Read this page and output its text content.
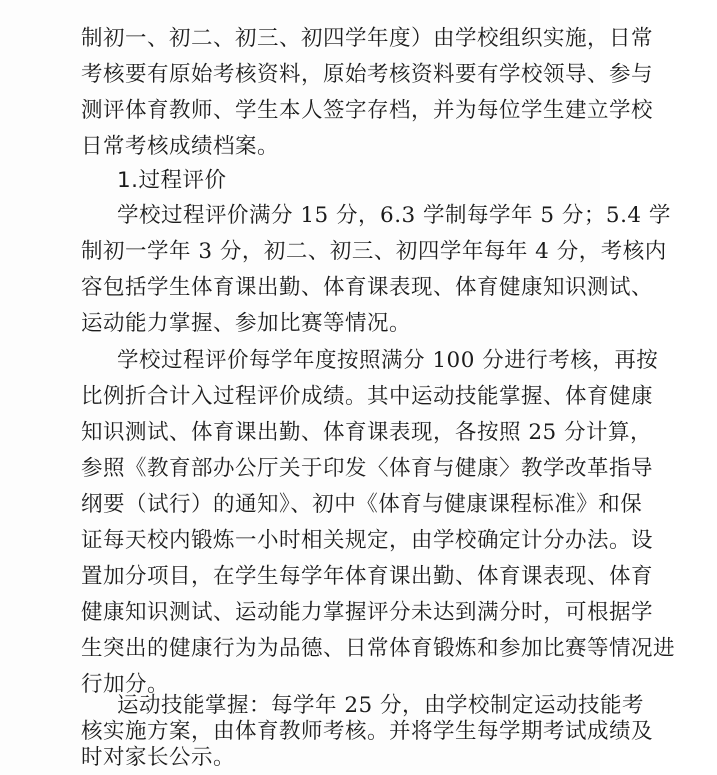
制初一、初二、初三、初四学年度）由学校组织实施，日常
考核要有原始考核资料，原始考核资料要有学校领导、参与
测评体育教师、学生本人签字存档，并为每位学生建立学校
日常考核成绩档案。
1.过程评价
学校过程评价满分 15 分，6.3 学制每学年 5 分；5.4 学
制初一学年 3 分，初二、初三、初四学年每年 4 分，考核内
容包括学生体育课出勤、体育课表现、体育健康知识测试、
运动能力掌握、参加比赛等情况。
学校过程评价每学年度按照满分 100 分进行考核，再按
比例折合计入过程评价成绩。其中运动技能掌握、体育健康
知识测试、体育课出勤、体育课表现，各按照 25 分计算，
参照《教育部办公厅关于印发〈体育与健康〉教学改革指导
纲要（试行）的通知》、初中《体育与健康课程标准》和保
证每天校内锻炼一小时相关规定，由学校确定计分办法。设
置加分项目，在学生每学年体育课出勤、体育课表现、体育
健康知识测试、运动能力掌握评分未达到满分时，可根据学
生突出的健康行为为品德、日常体育锻炼和参加比赛等情况进
行加分。
运动技能掌握：每学年 25 分，由学校制定运动技能考
核实施方案，由体育教师考核。并将学生每学期考试成绩及
时对家长公示。
